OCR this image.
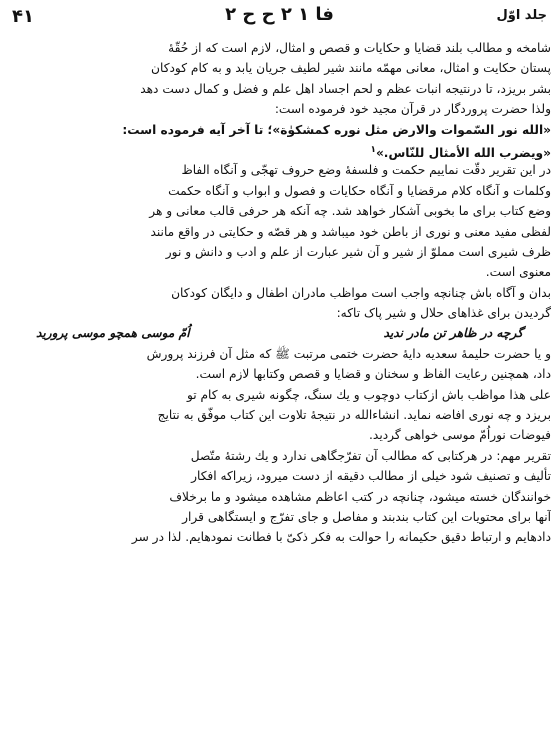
۴۱	فا ۱ ۲ ح ح ۲	جلد اوّل
شامخه و مطالب بلند قضایا و حکایات و قصص و امثال، لازم است که از حُقّهٔ
پستان حکایت و امثال، معانی مهمّه مانند شیر لطیف جریان یابد و به کام کودکان
بشر بریزد، تا درنتیجه انبات عظم و لحم اجساد اهل علم و فضل و کمال دست دهد
ولذا حضرت پروردگار در قرآن مجید خود فرموده است:
«الله نور السّموات والارض مثل نوره کمشکوٰة»؛ تا آخر آیه فرموده است:
«ویضرب الله الأمثال للنّاس.»$^۱$
در این تقریر دقّت نمایيم حکمت و فلسفهٔ وضع حروف تهجّی و آنگاه الفاظ
وکلمات و آنگاه کلام مرقضایا و آنگاه حکایات و فصول و ابواب و آنگاه حکمت
وضع کتاب برای ما بخوبی آشکار خواهد شد. چه آنکه هر حرفی قالب معانی و هر
لفظی مفید معنی و نوری از باطن خود میباشد و هر قصّه و حکایتی در واقع مانند
ظرف شیری است مملوّ از شیر و آن شیر عبارت از علم و ادب و دانش و نور
معنوی است.
بدان و آگاه باش چنانچه واجب است مواظب مادران اطفال و دایگان کودکان
گردیدن برای غذاهای حلال و شیر پاک تاکه:
گرچه در ظاهر تن مادر ندید
اُمّ موسی همچو موسی پرورید
و یا حضرت حلیمهٔ سعدیه دایهٔ حضرت ختمی مرتبت ﷺ که مثل آن فرزند پرورش
داد، همچنین رعایت الفاظ و سخنان و قضایا و قصص وکتابها لازم است.
علی هذا مواظب باش ازکتاب دوچوب و یك سنگ، چگونه شیری به کام تو
بریزد و چه نوری افاضه نماید. انشاءالله در نتیجهٔ تلاوت این کتاب موفّق به نتایج
فیوضات نوراُمّ موسی خواهی گردید.
تقریر مهم: در هرکتابی که مطالب آن تفرّجگاهی ندارد و یك رشتهٔ متّصل
تألیف و تصنیف شود خیلی از مطالب دقیقه از دست میرود، زیراکه افکار
خوانندگان خسته میشود، چنانچه در کتب اعاظم مشاهده میشود و ما برخلاف
آنها برای محتویات این کتاب بندبند و مفاصل و جای تفرّج و ایستگاهی قرار
دادهایم و ارتباط دقیق حکیمانه را حوالت به فکر ذکیّ با فطانت نمودهایم. لذا در سر
